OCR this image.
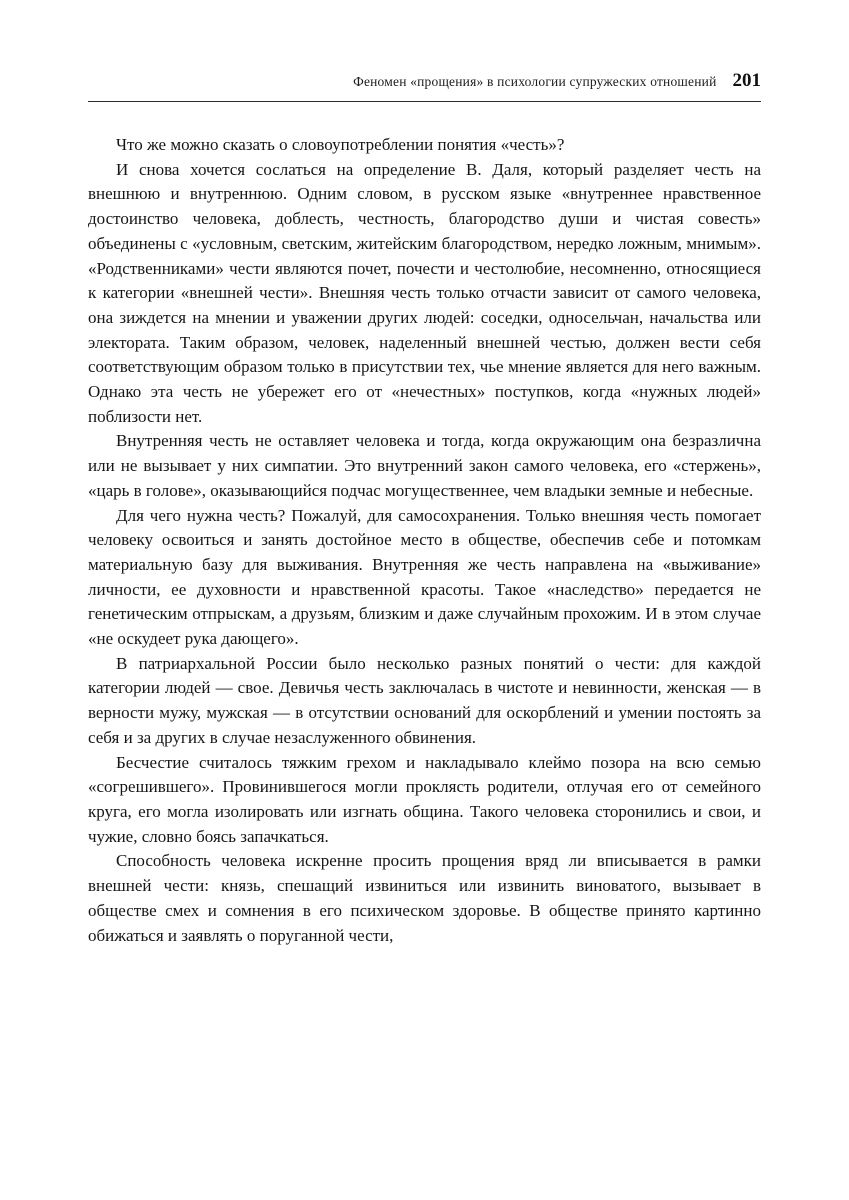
Феномен «прощения» в психологии супружеских отношений 201

Что же можно сказать о словоупотреблении понятия «честь»?

И снова хочется сослаться на определение В. Даля, который разделяет честь на внешнюю и внутреннюю. Одним словом, в русском языке «внутреннее нравственное достоинство человека, доблесть, честность, благородство души и чистая совесть» объединены с «условным, светским, житейским благородством, нередко ложным, мнимым». «Родственниками» чести являются почет, почести и честолюбие, несомненно, относящиеся к категории «внешней чести». Внешняя честь только отчасти зависит от самого человека, она зиждется на мнении и уважении других людей: соседки, односельчан, начальства или электората. Таким образом, человек, наделенный внешней честью, должен вести себя соответствующим образом только в присутствии тех, чье мнение является для него важным. Однако эта честь не убережет его от «нечестных» поступков, когда «нужных людей» поблизости нет.

Внутренняя честь не оставляет человека и тогда, когда окружающим она безразлична или не вызывает у них симпатии. Это внутренний закон самого человека, его «стержень», «царь в голове», оказывающийся подчас могущественнее, чем владыки земные и небесные.

Для чего нужна честь? Пожалуй, для самосохранения. Только внешняя честь помогает человеку освоиться и занять достойное место в обществе, обеспечив себе и потомкам материальную базу для выживания. Внутренняя же честь направлена на «выживание» личности, ее духовности и нравственной красоты. Такое «наследство» передается не генетическим отпрыскам, а друзьям, близким и даже случайным прохожим. И в этом случае «не оскудеет рука дающего».

В патриархальной России было несколько разных понятий о чести: для каждой категории людей — свое. Девичья честь заключалась в чистоте и невинности, женская — в верности мужу, мужская — в отсутствии оснований для оскорблений и умении постоять за себя и за других в случае незаслуженного обвинения.

Бесчестие считалось тяжким грехом и накладывало клеймо позора на всю семью «согрешившего». Провинившегося могли проклясть родители, отлучая его от семейного круга, его могла изолировать или изгнать община. Такого человека сторонились и свои, и чужие, словно боясь запачкаться.

Способность человека искренне просить прощения вряд ли вписывается в рамки внешней чести: князь, спешащий извиниться или извинить виноватого, вызывает в обществе смех и сомнения в его психическом здоровье. В обществе принято картинно обижаться и заявлять о поруганной чести,
